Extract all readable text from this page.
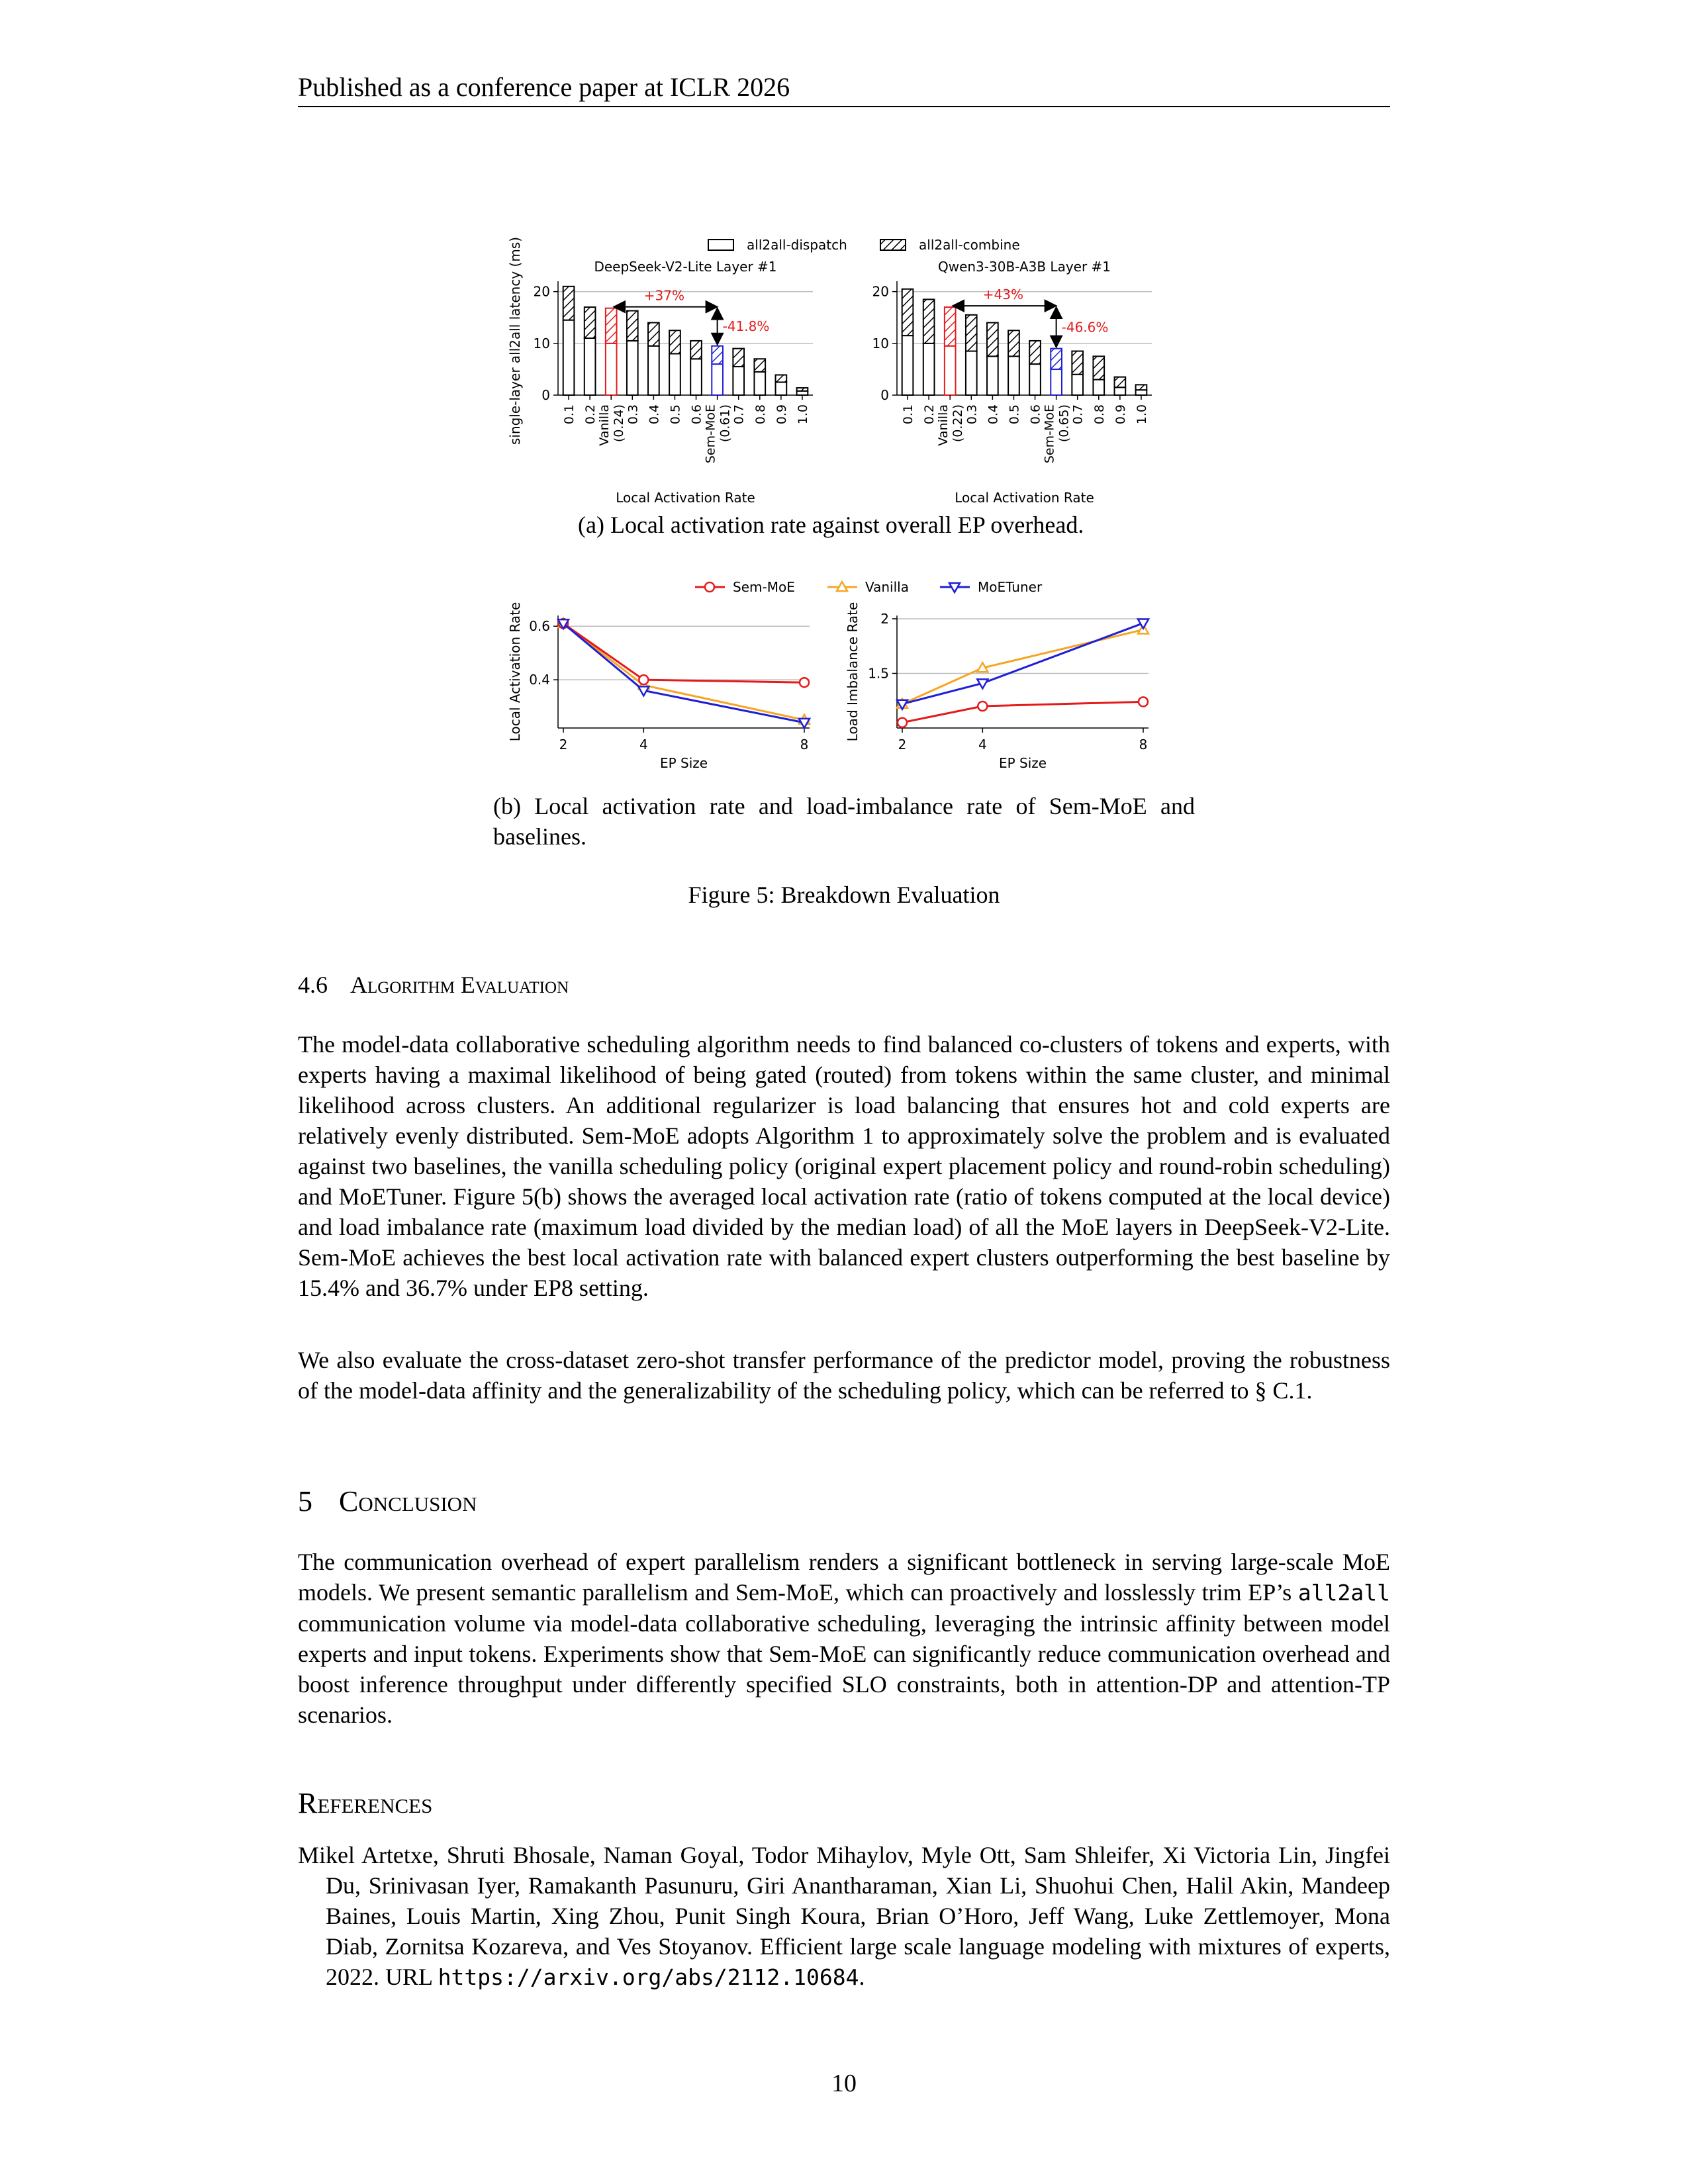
Published as a conference paper at ICLR 2026
all2all-dispatch	all2all-combine
single-layer all2all latency (ms) 0
10
20
DeepSeek-V2-Lite Layer #1
0.1 0.2 Vanilla(0.24) 0.3 0.4 0.5 0.6 Sem-MoE(0.61) 0.7 0.8 0.9 1.0
Local Activation Rate
+37%
-41.8%
0
10
20
Qwen3-30B-A3B Layer #1
0.1 0.2 Vanilla(0.22) 0.3 0.4 0.5 0.6 Sem-MoE(0.65) 0.7 0.8 0.9 1.0
Local Activation Rate
+43%
-46.6%
(a) Local activation rate against overall EP overhead.
Sem-MoE	Vanilla	MoETuner
0.4
0.6
2	4	8
EP Size
Local Activation Rate	1.5
2
2	4	8
EP Size
Load Imbalance Rate
(b) Local activation rate and load-imbalance rate of Sem-MoE and baselines.
Figure 5: Breakdown Evaluation
4.6 Algorithm Evaluation
The model-data collaborative scheduling algorithm needs to find balanced co-clusters of tokens and experts, with experts having a maximal likelihood of being gated (routed) from tokens within the same cluster, and minimal likelihood across clusters. An additional regularizer is load balancing that ensures hot and cold experts are relatively evenly distributed. Sem-MoE adopts Algorithm 1 to approximately solve the problem and is evaluated against two baselines, the vanilla scheduling policy (original expert placement policy and round-robin scheduling) and MoETuner. Figure 5(b) shows the averaged local activation rate (ratio of tokens computed at the local device) and load imbalance rate (maximum load divided by the median load) of all the MoE layers in DeepSeek-V2-Lite. Sem-MoE achieves the best local activation rate with balanced expert clusters outperforming the best baseline by 15.4% and 36.7% under EP8 setting.
We also evaluate the cross-dataset zero-shot transfer performance of the predictor model, proving the robustness of the model-data affinity and the generalizability of the scheduling policy, which can be referred to § C.1.
5 Conclusion
The communication overhead of expert parallelism renders a significant bottleneck in serving large-scale MoE models. We present semantic parallelism and Sem-MoE, which can proactively and losslessly trim EP’s all2all communication volume via model-data collaborative scheduling, leveraging the intrinsic affinity between model experts and input tokens. Experiments show that Sem-MoE can significantly reduce communication overhead and boost inference throughput under differently specified SLO constraints, both in attention-DP and attention-TP scenarios.
References
Mikel Artetxe, Shruti Bhosale, Naman Goyal, Todor Mihaylov, Myle Ott, Sam Shleifer, Xi Victoria Lin, Jingfei Du, Srinivasan Iyer, Ramakanth Pasunuru, Giri Anantharaman, Xian Li, Shuohui Chen, Halil Akin, Mandeep Baines, Louis Martin, Xing Zhou, Punit Singh Koura, Brian O’Horo, Jeff Wang, Luke Zettlemoyer, Mona Diab, Zornitsa Kozareva, and Ves Stoyanov. Efficient large scale language modeling with mixtures of experts, 2022. URL https://arxiv.org/abs/2112.10684.
10
